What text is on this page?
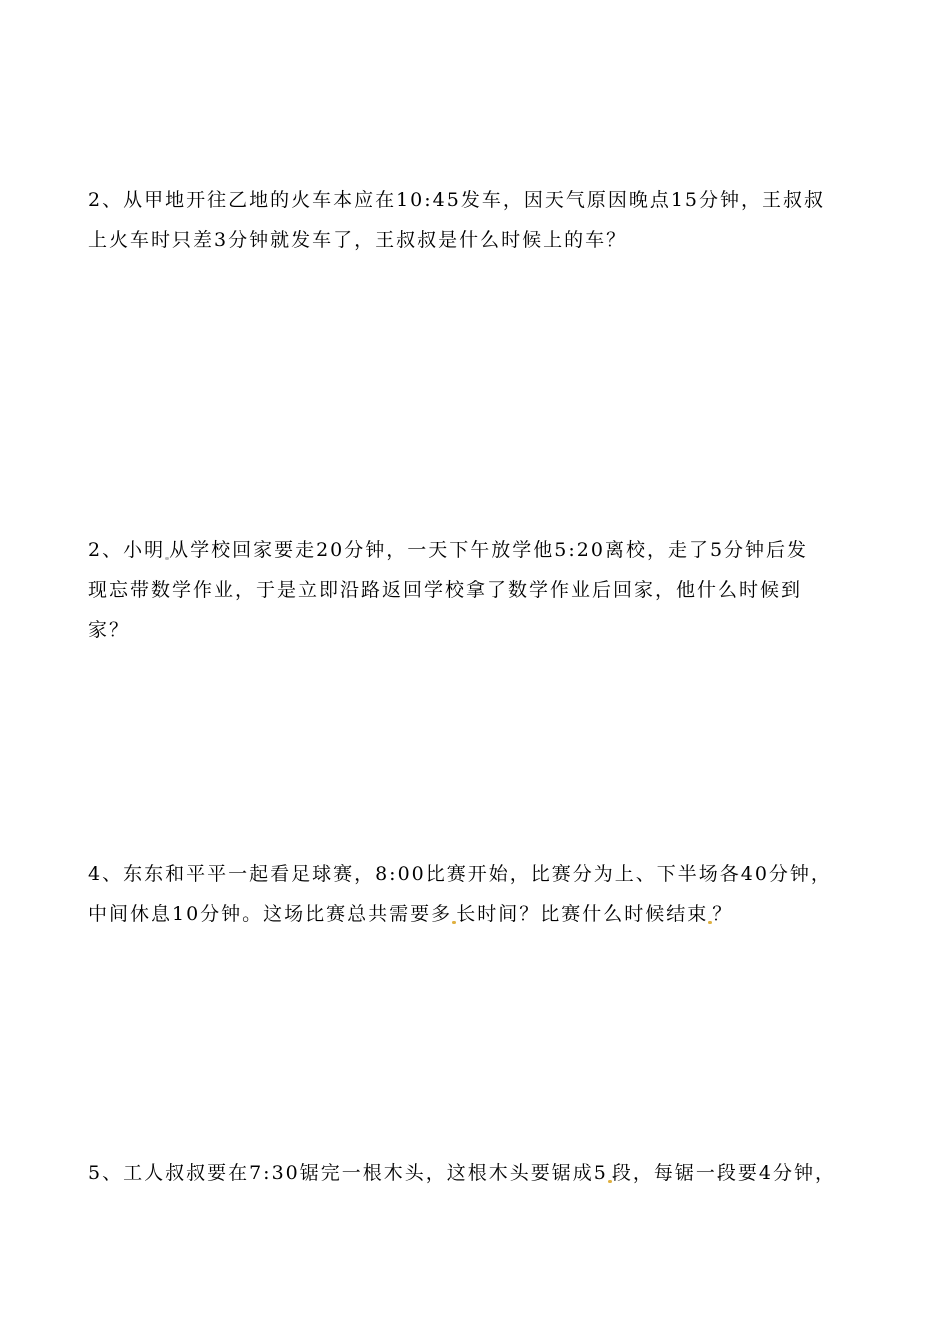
2、从甲地开往乙地的火车本应在10:45发车，因天气原因晚点15分钟，王叔叔
上火车时只差3分钟就发车了，王叔叔是什么时候上的车？
2、小明 从学校回家要走20分钟，一天下午放学他5:20离校，走了5分钟后发
现忘带数学作业，于是立即沿路返回学校拿了数学作业后回家，他什么时候到
家？
4、东东和平平一起看足球赛，8:00比赛开始，比赛分为上、下半场各40分钟，
中间休息10分钟。这场比赛总共需要多 长时间？比赛什么时候结束 ？
5、工人叔叔要在7:30锯完一根木头，这根木头要锯成5 段，每锯一段要4分钟，
